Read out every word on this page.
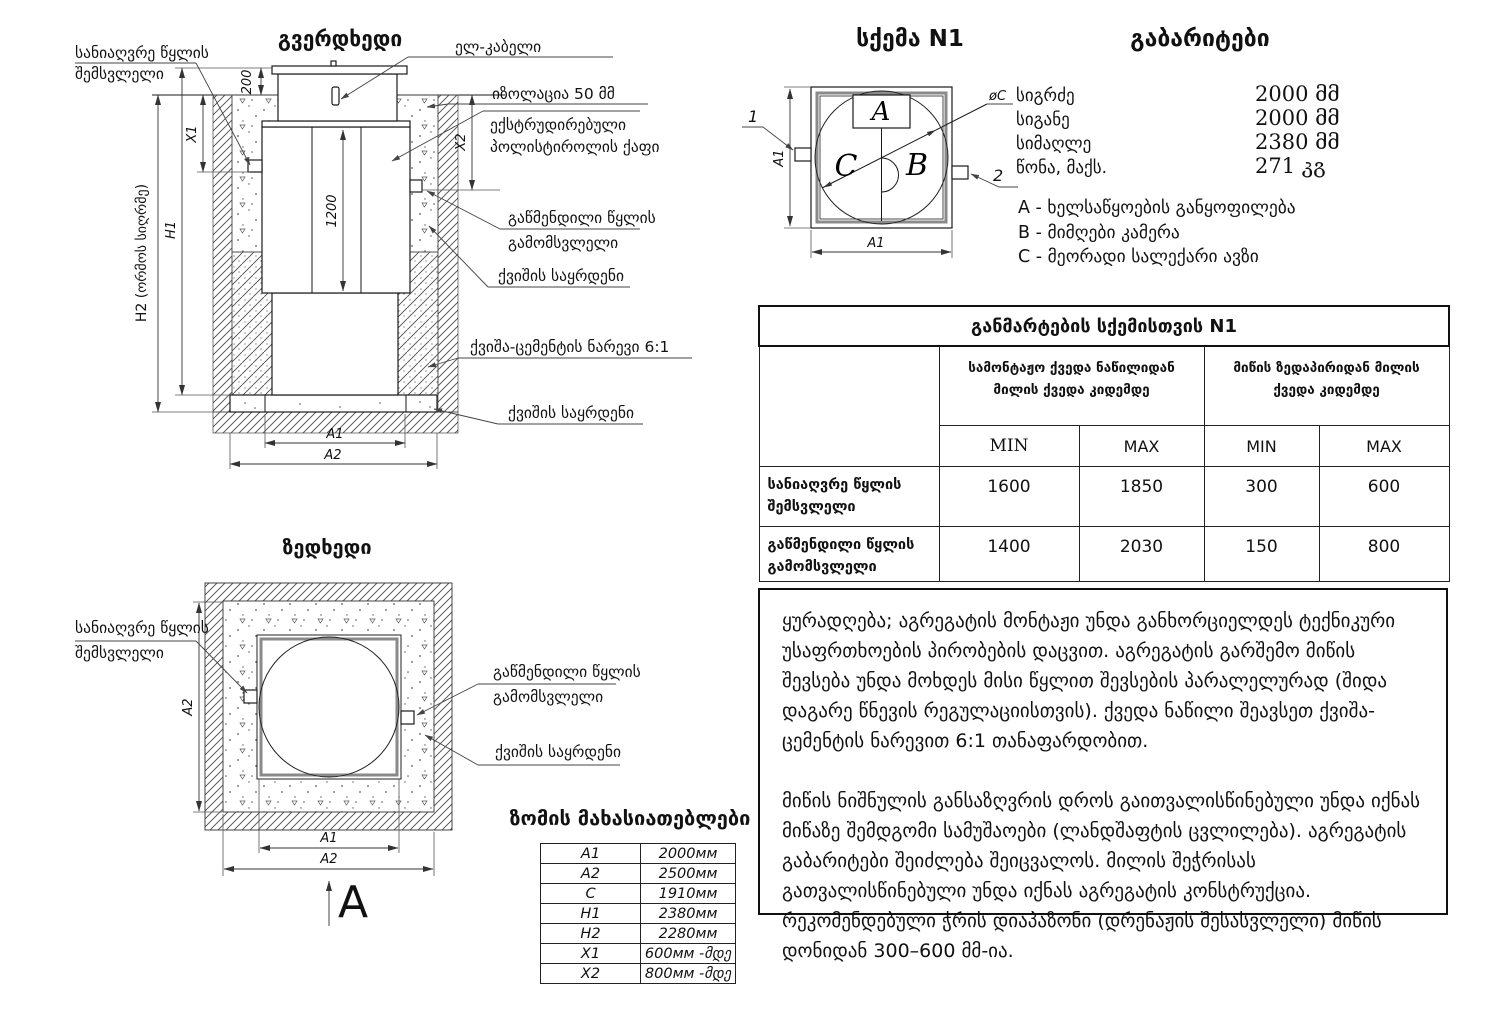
1200
200
X1
H1
H2 (ორმოს სიღრმე)
X2
A1
A2
სანიაღვრე წყლის
შემსვლელი
ელ-კაბელი
იზოლაცია 50 მმ
ექსტრუდირებული
პოლისტიროლის ქაფი
გაწმენდილი წყლის
გამომსვლელი
ქვიშის საყრდენი
ქვიშა-ცემენტის ნარევი 6:1
ქვიშის საყრდენი
გვერდხედი
øC
A
C B
1
2
A1
A1
ზედხედი
A2
A1
A2
A
სანიაღვრე წყლის
შემსვლელი
გაწმენდილი წყლის
გამომსვლელი
ქვიშის საყრდენი
სქემა N1	გაბარიტები
სიგრძე	2000 მმ
სიგანე	2000 მმ
სიმაღლე	2380 მმ
წონა, მაქს.	271 კგ
A - ხელსაწყოების განყოფილება
B - მიმღები კამერა
C - მეორადი სალექარი ავზი
განმარტების სქემისთვის N1				
	სამონტაჟო ქვედა ნაწილიდან მილის ქვედა კიდემდე		მიწის ზედაპირიდან მილის ქვედა კიდემდე	
	MIN	MAX	MIN	MAX
სანიაღვრე წყლის შემსვლელი	1600	1850	300	600
გაწმენდილი წყლის გამომსვლელი	1400	2030	150	800
ზომის მახასიათებლები
A1	2000мм
A2	2500мм
C	1910мм
H1	2380мм
H2	2280мм
X1	600мм -მდე
X2	800мм -მდე

ყურადღება; აგრეგატის მონტაჟი უნდა განხორციელდეს ტექნიკური უსაფრთხოების პირობების დაცვით. აგრეგატის გარშემო მიწის შევსება უნდა მოხდეს მისი წყლით შევსების პარალელურად (შიდა დაგარე წნევის რეგულაციისთვის). ქვედა ნაწილი შეავსეთ ქვიშა-ცემენტის ნარევით 6:1 თანაფარდობით.

მიწის ნიშნულის განსაზღვრის დროს გაითვალისწინებული უნდა იქნას მიწაზე შემდგომი სამუშაოები (ლანდშაფტის ცვლილება). აგრეგატის გაბარიტები შეიძლება შეიცვალოს. მილის შეჭრისას გათვალისწინებული უნდა იქნას აგრეგატის კონსტრუქცია. რეკომენდებული ჭრის დიაპაზონი (დრენაჟის შესასვლელი) მიწის დონიდან 300–600 მმ-ია.
